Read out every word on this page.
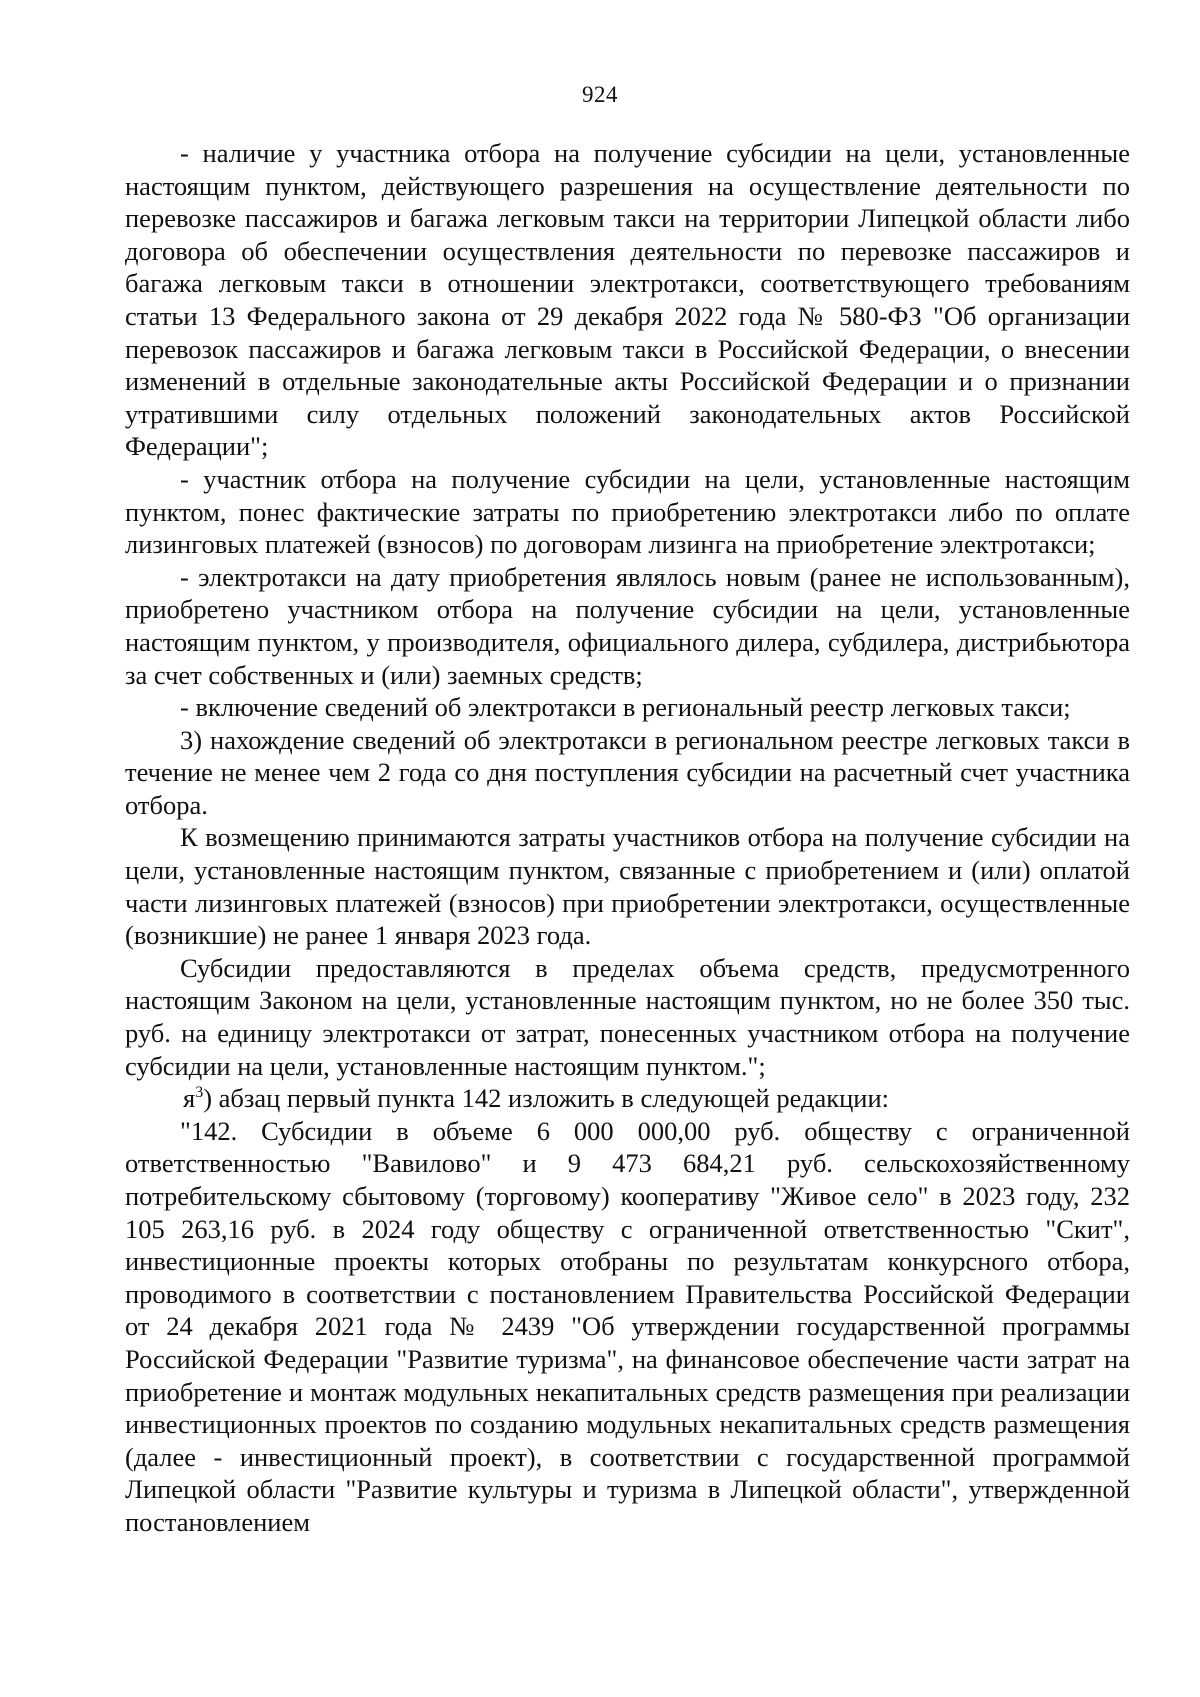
924

- наличие у участника отбора на получение субсидии на цели, установленные настоящим пунктом, действующего разрешения на осуществление деятельности по перевозке пассажиров и багажа легковым такси на территории Липецкой области либо договора об обеспечении осуществления деятельности по перевозке пассажиров и багажа легковым такси в отношении электротакси, соответствующего требованиям статьи 13 Федерального закона от 29 декабря 2022 года № 580-ФЗ "Об организации перевозок пассажиров и багажа легковым такси в Российской Федерации, о внесении изменений в отдельные законодательные акты Российской Федерации и о признании утратившими силу отдельных положений законодательных актов Российской Федерации";

- участник отбора на получение субсидии на цели, установленные настоящим пунктом, понес фактические затраты по приобретению электротакси либо по оплате лизинговых платежей (взносов) по договорам лизинга на приобретение электротакси;

- электротакси на дату приобретения являлось новым (ранее не использованным), приобретено участником отбора на получение субсидии на цели, установленные настоящим пунктом, у производителя, официального дилера, субдилера, дистрибьютора за счет собственных и (или) заемных средств;

- включение сведений об электротакси в региональный реестр легковых такси;

3) нахождение сведений об электротакси в региональном реестре легковых такси в течение не менее чем 2 года со дня поступления субсидии на расчетный счет участника отбора.

К возмещению принимаются затраты участников отбора на получение субсидии на цели, установленные настоящим пунктом, связанные с приобретением и (или) оплатой части лизинговых платежей (взносов) при приобретении электротакси, осуществленные (возникшие) не ранее 1 января 2023 года.

Субсидии предоставляются в пределах объема средств, предусмотренного настоящим Законом на цели, установленные настоящим пунктом, но не более 350 тыс. руб. на единицу электротакси от затрат, понесенных участником отбора на получение субсидии на цели, установленные настоящим пунктом.";

$я^3$) абзац первый пункта 142 изложить в следующей редакции:

"142. Субсидии в объеме 6 000 000,00 руб. обществу с ограниченной ответственностью "Вавилово" и 9 473 684,21 руб. сельскохозяйственному потребительскому сбытовому (торговому) кооперативу "Живое село" в 2023 году, 232 105 263,16 руб. в 2024 году обществу с ограниченной ответственностью "Скит", инвестиционные проекты которых отобраны по результатам конкурсного отбора, проводимого в соответствии с постановлением Правительства Российской Федерации от 24 декабря 2021 года № 2439 "Об утверждении государственной программы Российской Федерации "Развитие туризма", на финансовое обеспечение части затрат на приобретение и монтаж модульных некапитальных средств размещения при реализации инвестиционных проектов по созданию модульных некапитальных средств размещения (далее - инвестиционный проект), в соответствии с государственной программой Липецкой области "Развитие культуры и туризма в Липецкой области", утвержденной постановлением
